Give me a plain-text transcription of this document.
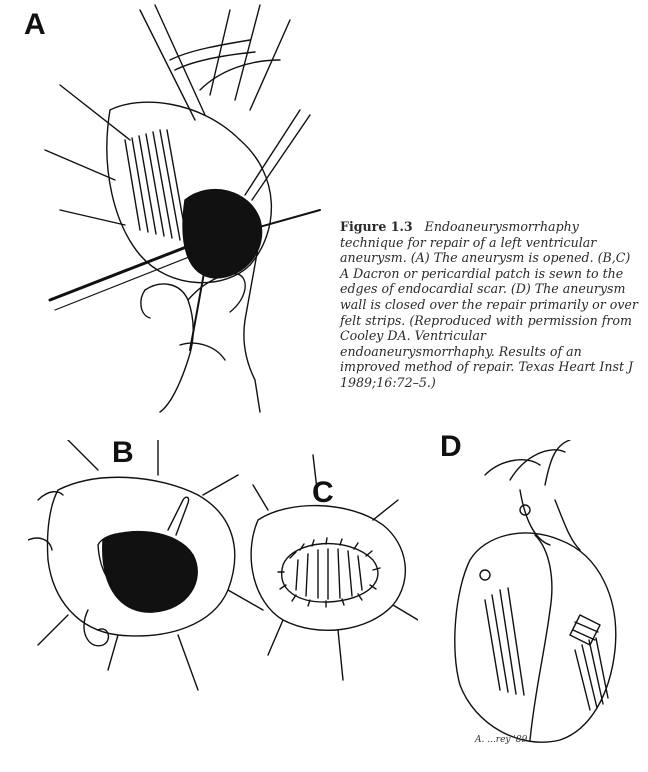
A
B
C
D
Figure 1.3 Endoaneurysmorrhaphy technique for repair of a left ventricular aneurysm. (A) The aneurysm is opened. (B,C) A Dacron or pericardial patch is sewn to the edges of endocardial scar. (D) The aneurysm wall is closed over the repair primarily or over felt strips. (Reproduced with permission from Cooley DA. Ventricular endoaneurysmorrhaphy. Results of an improved method of repair. Texas Heart Inst J 1989;16:72–5.)
A. ...rey '89
